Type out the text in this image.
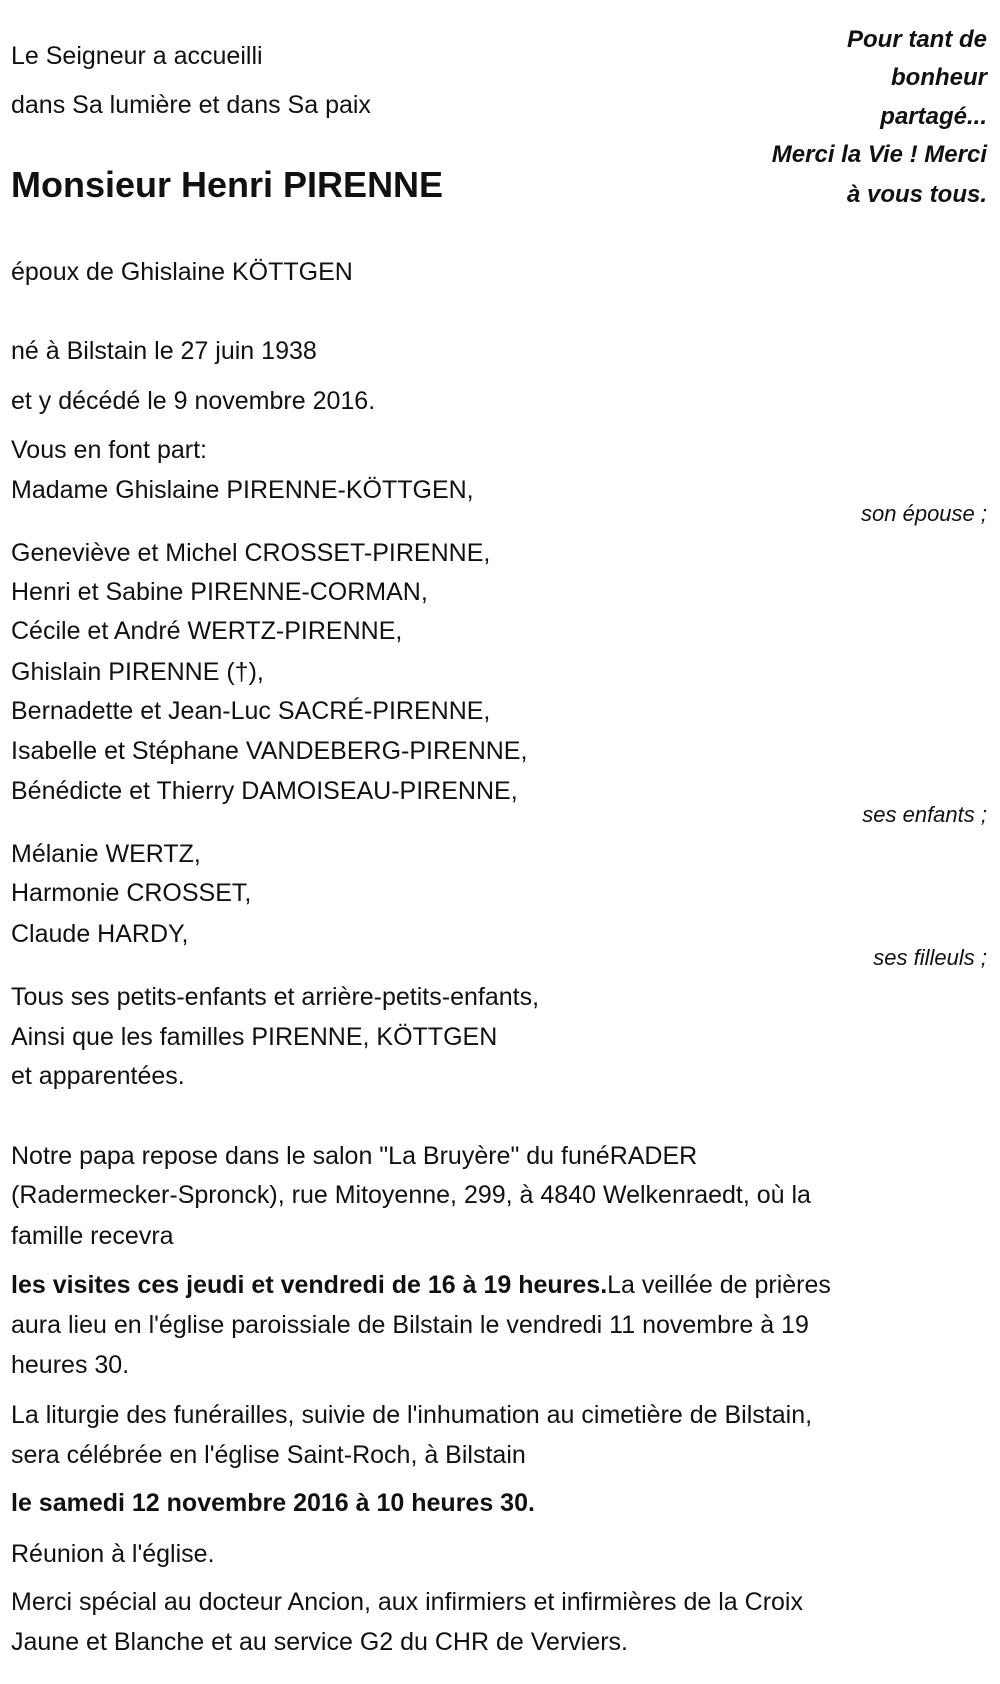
Le Seigneur a accueilli
dans Sa lumière et dans Sa paix
Monsieur Henri PIRENNE
Pour tant de
bonheur
partagé...
Merci la Vie ! Merci
à vous tous.
époux de Ghislaine KÖTTGEN
né à Bilstain le 27 juin 1938
et y décédé le 9 novembre 2016.
Vous en font part:
Madame Ghislaine PIRENNE-KÖTTGEN,
son épouse ;
Geneviève et Michel CROSSET-PIRENNE,
Henri et Sabine PIRENNE-CORMAN,
Cécile et André WERTZ-PIRENNE,
Ghislain PIRENNE (†),
Bernadette et Jean-Luc SACRÉ-PIRENNE,
Isabelle et Stéphane VANDEBERG-PIRENNE,
Bénédicte et Thierry DAMOISEAU-PIRENNE,
ses enfants ;
Mélanie WERTZ,
Harmonie CROSSET,
Claude HARDY,
ses filleuls ;
Tous ses petits-enfants et arrière-petits-enfants,
Ainsi que les familles PIRENNE, KÖTTGEN
et apparentées.
Notre papa repose dans le salon "La Bruyère" du funéRADER
(Radermecker-Spronck), rue Mitoyenne, 299, à 4840 Welkenraedt, où la
famille recevra
les visites ces jeudi et vendredi de 16 à 19 heures.La veillée de prières
aura lieu en l'église paroissiale de Bilstain le vendredi 11 novembre à 19
heures 30.
La liturgie des funérailles, suivie de l'inhumation au cimetière de Bilstain,
sera célébrée en l'église Saint-Roch, à Bilstain
le samedi 12 novembre 2016 à 10 heures 30.
Réunion à l'église.
Merci spécial au docteur Ancion, aux infirmiers et infirmières de la Croix
Jaune et Blanche et au service G2 du CHR de Verviers.
